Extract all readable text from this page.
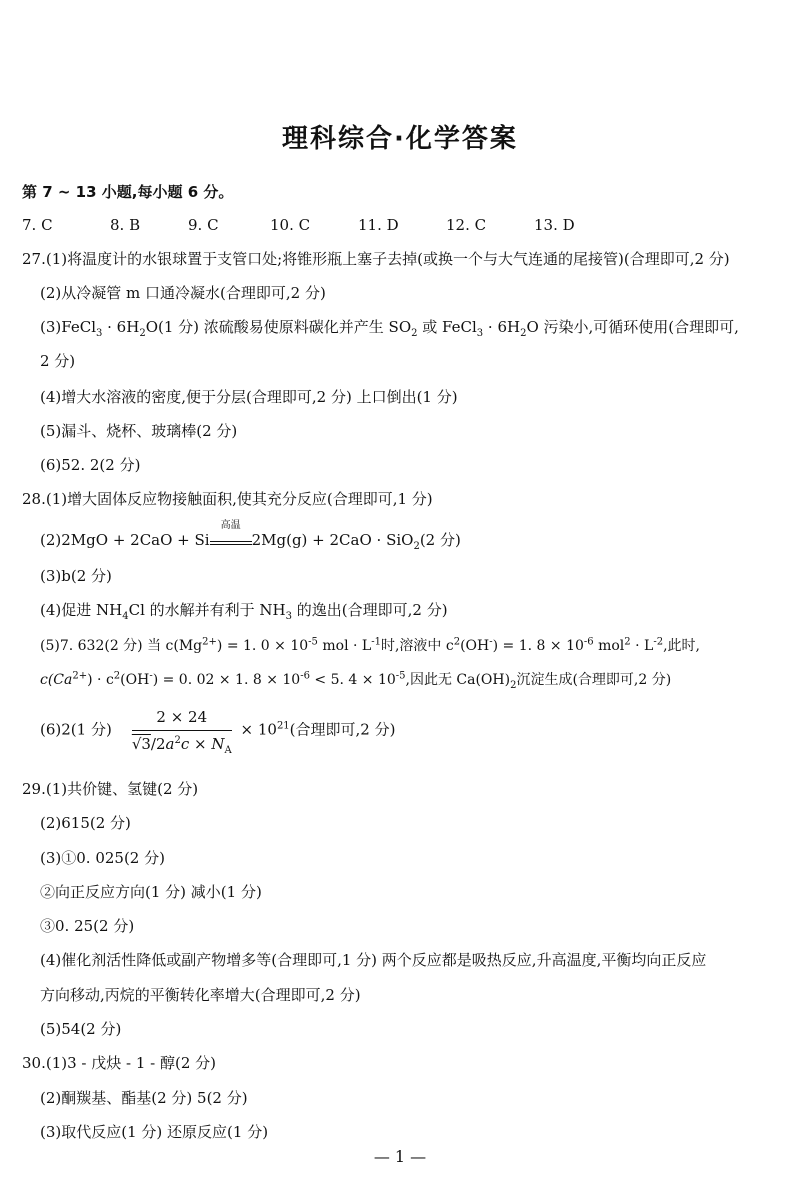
理科综合·化学答案
第 7 ~ 13 小题,每小题 6 分。
7. C	8. B	9. C	10. C	11. D	12. C	13. D
27.(1)将温度计的水银球置于支管口处;将锥形瓶上塞子去掉(或换一个与大气连通的尾接管)(合理即可,2 分)
(2)从冷凝管 m 口通冷凝水(合理即可,2 分)
(3)FeCl$_3$ · $6H_2O(1$ 分) 浓硫酸易使原料碳化并产生 $SO_2$ 或 FeCl$_3$ · $6H_2O$ 污染小,可循环使用(合理即可,
2 分)
(4)增大水溶液的密度,便于分层(合理即可,2 分) 上口倒出(1 分)
(5)漏斗、烧杯、玻璃棒(2 分)
(6)52. 2(2 分)
28.(1)增大固体反应物接触面积,使其充分反应(合理即可,1 分)
(2)2MgO + 2CaO + Si
高温
2Mg(g) + 2CaO · SiO$_2$(2 分)
(3)b(2 分)
(4)促进 $NH_4Cl$ 的水解并有利于 $NH_3$ 的逸出(合理即可,2 分)
(5)7. 632(2 分) 当 $c(Mg^{2+}) = 1$. $0 \times 10^{-5}$ mol · $L^{-1}$时,溶液中 $c^2(OH^-) = 1$. $8 \times 10^{-6}$ $mol^2 \cdot L^{-2}$,此时,
$c(Ca^{2+}) \cdot c^2(OH^-) = 0$. 02 × 1. $8 \times 10^{-6} < 5$. $4 \times 10^{-5}$,因此无 $Ca(OH)_2$沉淀生成(合理即可,2 分)
(6)2(1 分) $\frac{2 \times 24}{√3/2a^2c \times N_A} \times 10^{21}$(合理即可,2 分)
29.(1)共价键、氢键(2 分)
(2)615(2 分)
(3)①0. 025(2 分)
②向正反应方向(1 分) 减小(1 分)
③0. 25(2 分)
(4)催化剂活性降低或副产物增多等(合理即可,1 分) 两个反应都是吸热反应,升高温度,平衡均向正反应
方向移动,丙烷的平衡转化率增大(合理即可,2 分)
(5)54(2 分)
30.(1)3 - 戊炔 - 1 - 醇(2 分)
(2)酮羰基、酯基(2 分) 5(2 分)
(3)取代反应(1 分) 还原反应(1 分)
— 1 —
